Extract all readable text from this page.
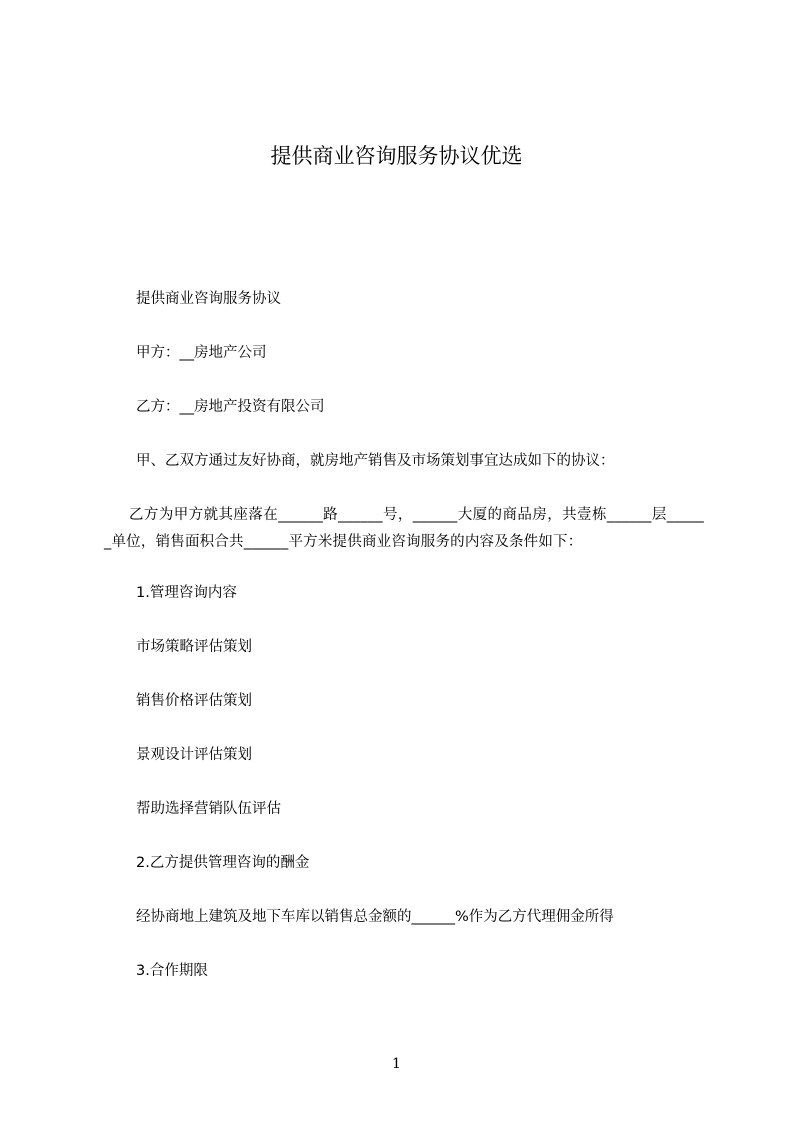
提供商业咨询服务协议优选
提供商业咨询服务协议
甲方：__房地产公司
乙方：__房地产投资有限公司
甲、乙双方通过友好协商，就房地产销售及市场策划事宜达成如下的协议：
乙方为甲方就其座落在______路______号，______大厦的商品房，共壹栋______层______单位，销售面积合共______平方米提供商业咨询服务的内容及条件如下：
1.管理咨询内容
市场策略评估策划
销售价格评估策划
景观设计评估策划
帮助选择营销队伍评估
2.乙方提供管理咨询的酬金
经协商地上建筑及地下车库以销售总金额的______%作为乙方代理佣金所得
3.合作期限
1
